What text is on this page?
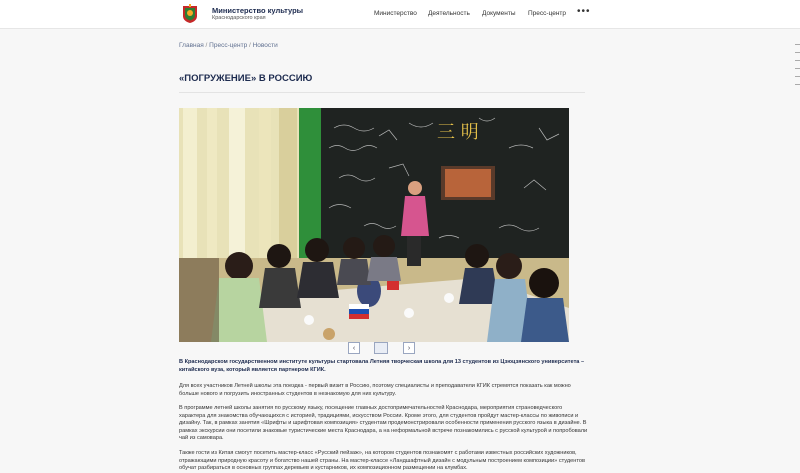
Министерство культуры
Краснодарского края
Министерство Деятельность Документы Пресс-центр •••
Главная / Пресс-центр / Новости
«ПОГРУЖЕНИЕ» В РОССИЮ
三 明
‹	›

В Краснодарском государственном институте культуры стартовала Летняя творческая школа для 13 студентов из Цзюцзянского университета – китайского вуза, который является партнером КГИК.

Для всех участников Летней школы эта поездка - первый визит в Россию, поэтому специалисты и преподаватели КГИК стремятся показать как можно больше нового и погрузить иностранных студентов в незнакомую для них культуру.

В программе летней школы занятия по русскому языку, посещение главных достопримечательностей Краснодара, мероприятия страноведческого характера для знакомства обучающихся с историей, традициями, искусством России. Кроме этого, для студентов пройдут мастер-классы по живописи и дизайну. Так, в рамках занятия «Шрифты и шрифтовая композиция» студентам продемонстрировали особенности применения русского языка в дизайне. В рамках экскурсии они посетили знаковые туристические места Краснодара, а на неформальной встрече познакомились с русской культурой и попробовали чай из самовара.

Также гости из Китая смогут посетить мастер-класс «Русский пейзаж», на котором студентов познакомят с работами известных российских художников, отражающими природную красоту и богатство нашей страны. На мастер-классе «Ландшафтный дизайн с модульным построением композиции» студентов обучат разбираться в основных группах деревьев и кустарников, их композиционном размещении на клумбах.
